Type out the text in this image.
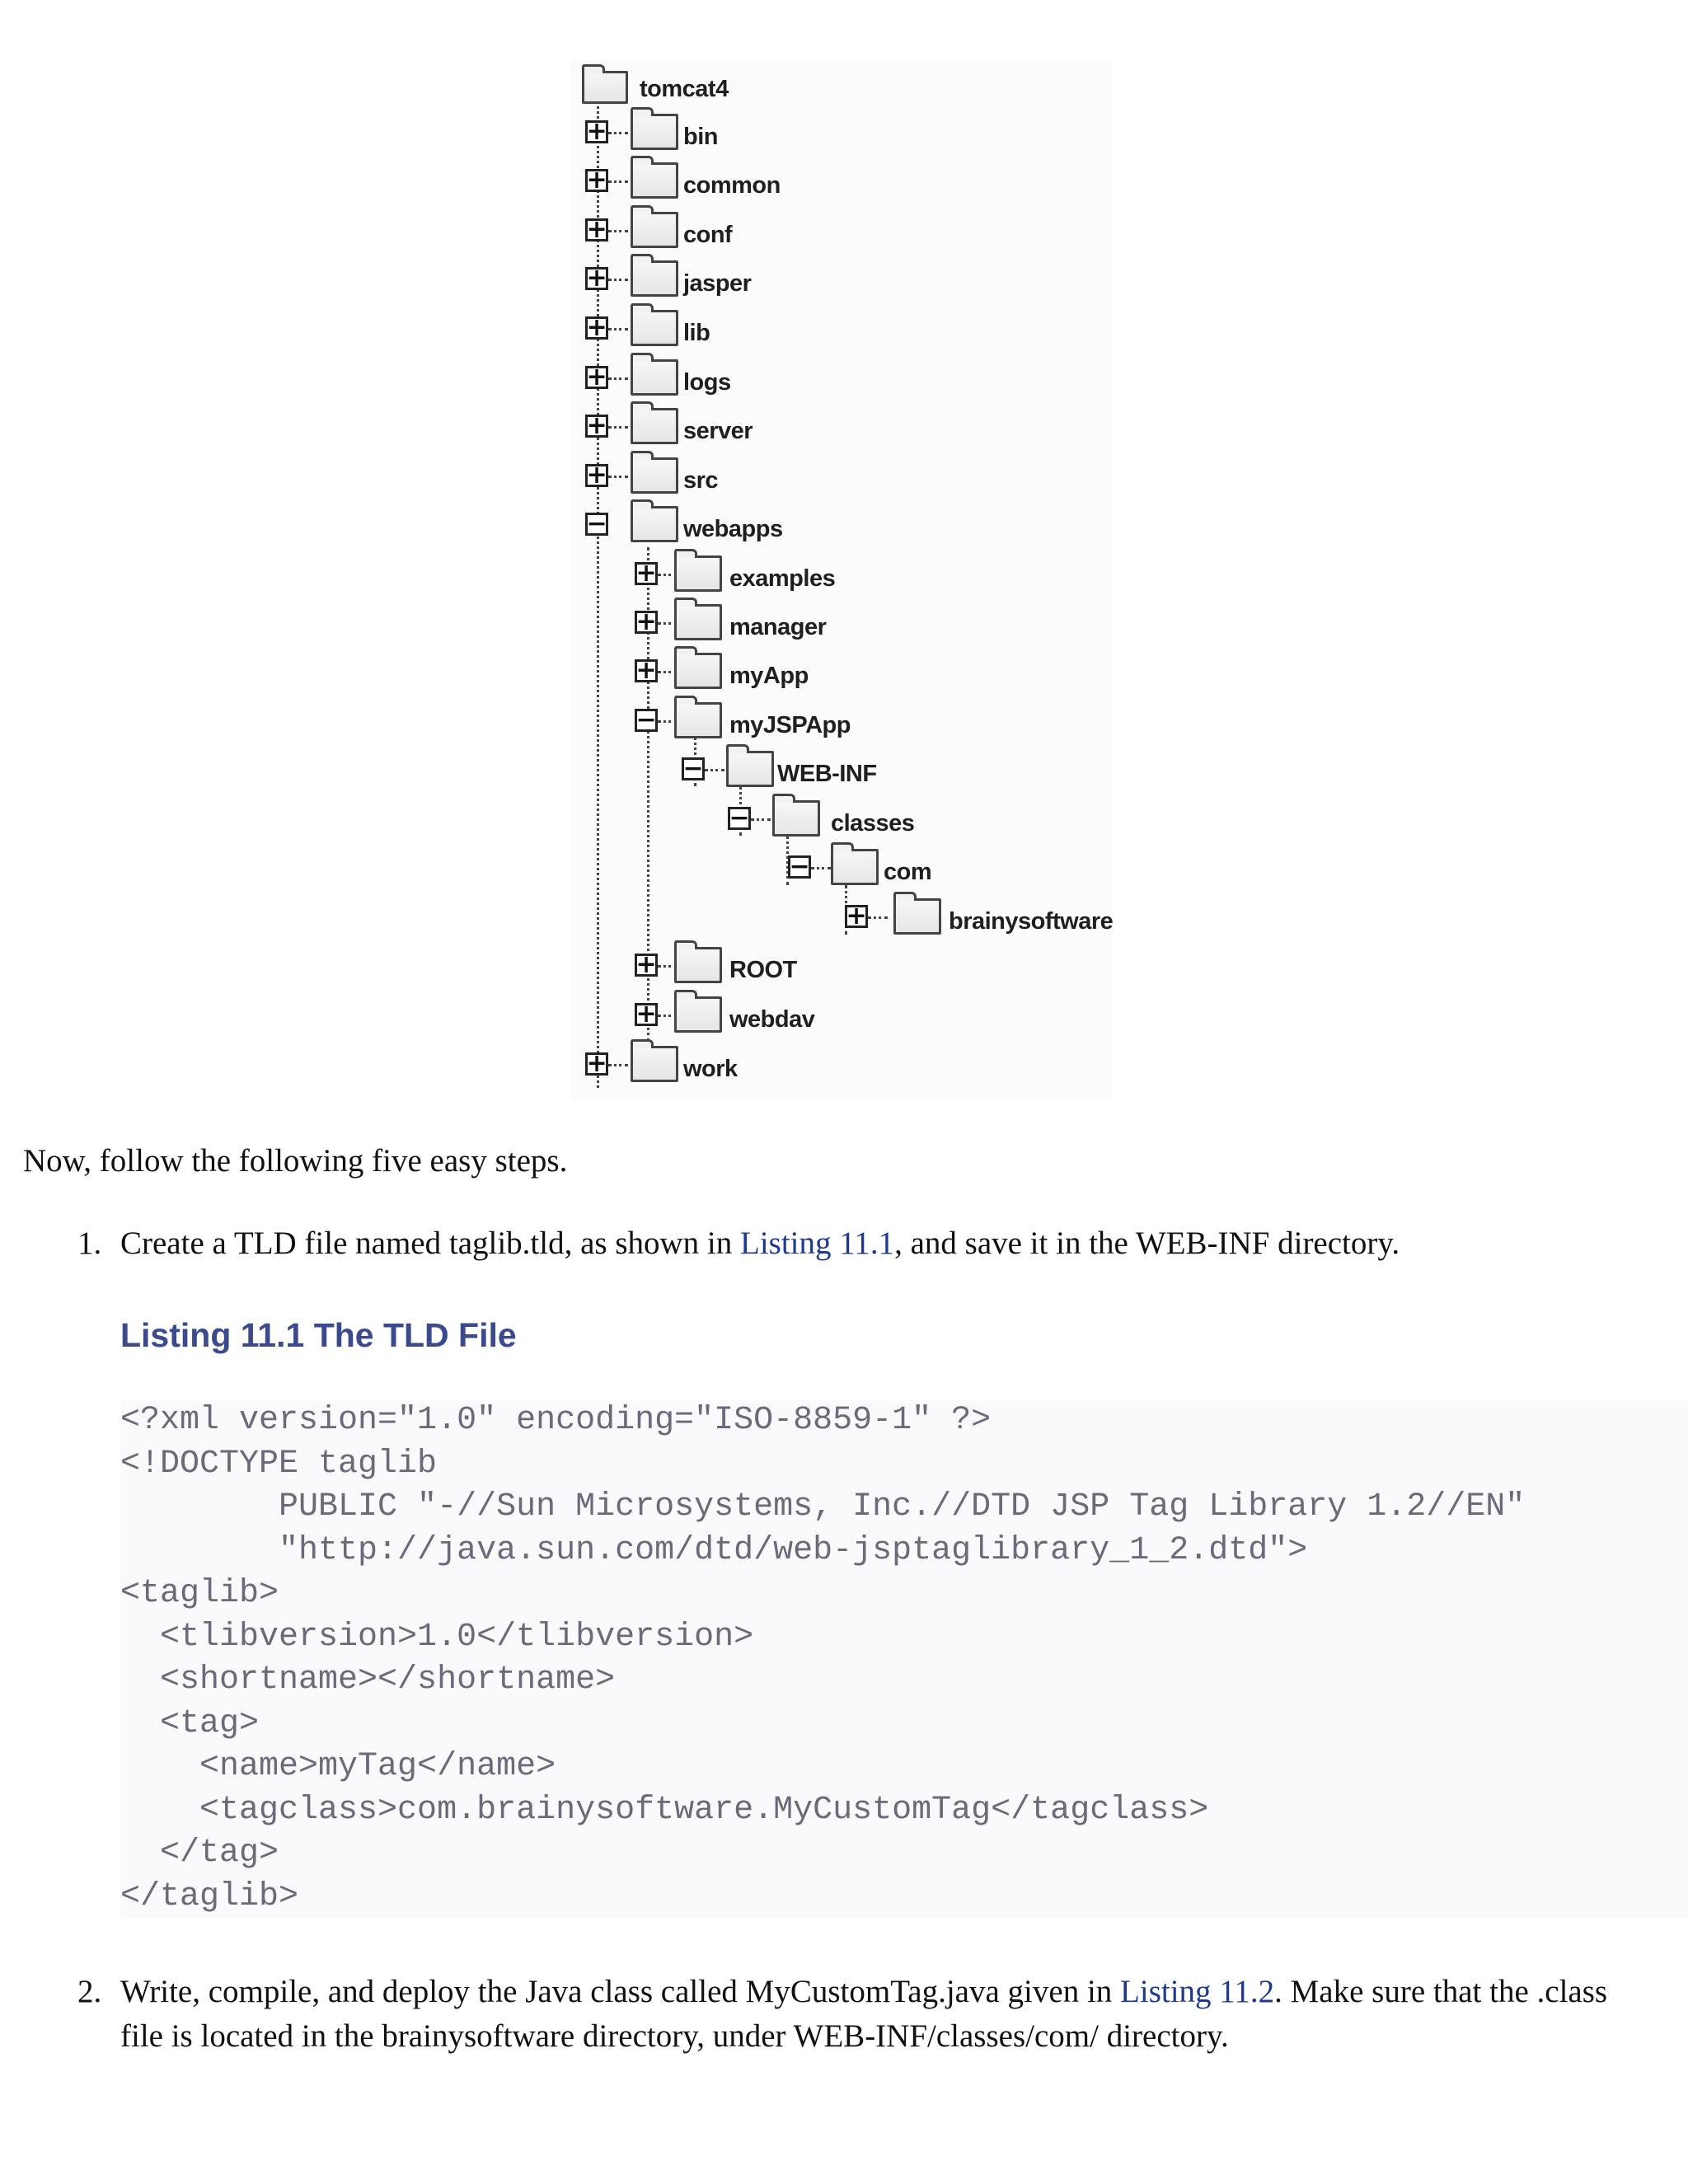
tomcat4
+	bin
+	common
+	conf
+	jasper
+	lib
+	logs
+	server
+	src
−	webapps
+	examples
+	manager
+	myApp
−	myJSPApp
−	WEB-INF
−	classes
−	com
+	brainysoftware
+	ROOT
+	webdav
+	work

Now, follow the following five easy steps.

1. Create a TLD file named taglib.tld, as shown in Listing 11.1, and save it in the WEB-INF directory.
Listing 11.1 The TLD File
<?xml version="1.0" encoding="ISO-8859-1" ?>
<!DOCTYPE taglib
PUBLIC "-//Sun Microsystems, Inc.//DTD JSP Tag Library 1.2//EN"
"http://java.sun.com/dtd/web-jsptaglibrary_1_2.dtd">
<taglib>
<tlibversion>1.0</tlibversion>
<shortname></shortname>
<tag>
<name>myTag</name>
<tagclass>com.brainysoftware.MyCustomTag</tagclass>
</tag>
</taglib>
2. Write, compile, and deploy the Java class called MyCustomTag.java given in Listing 11.2. Make sure that the .class file is located in the brainysoftware directory, under WEB-INF/classes/com/ directory.
